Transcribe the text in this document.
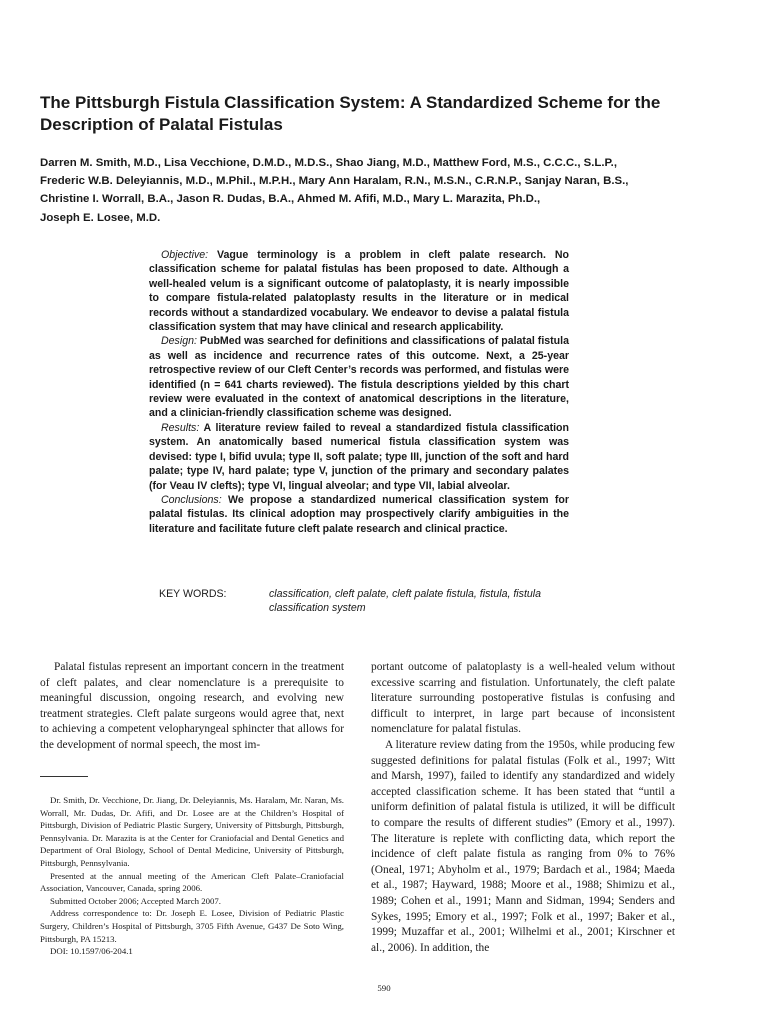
The Pittsburgh Fistula Classification System: A Standardized Scheme for the Description of Palatal Fistulas
Darren M. Smith, M.D., Lisa Vecchione, D.M.D., M.D.S., Shao Jiang, M.D., Matthew Ford, M.S., C.C.C., S.L.P.,
Frederic W.B. Deleyiannis, M.D., M.Phil., M.P.H., Mary Ann Haralam, R.N., M.S.N., C.R.N.P., Sanjay Naran, B.S.,
Christine I. Worrall, B.A., Jason R. Dudas, B.A., Ahmed M. Afifi, M.D., Mary L. Marazita, Ph.D.,
Joseph E. Losee, M.D.

Objective: Vague terminology is a problem in cleft palate research. No classification scheme for palatal fistulas has been proposed to date. Although a well-healed velum is a significant outcome of palatoplasty, it is nearly impossible to compare fistula-related palatoplasty results in the literature or in medical records without a standardized vocabulary. We endeavor to devise a palatal fistula classification system that may have clinical and research applicability.

Design: PubMed was searched for definitions and classifications of palatal fistula as well as incidence and recurrence rates of this outcome. Next, a 25-year retrospective review of our Cleft Center’s records was performed, and fistulas were identified (n = 641 charts reviewed). The fistula descriptions yielded by this chart review were evaluated in the context of anatomical descriptions in the literature, and a clinician-friendly classification scheme was designed.

Results: A literature review failed to reveal a standardized fistula classification system. An anatomically based numerical fistula classification system was devised: type I, bifid uvula; type II, soft palate; type III, junction of the soft and hard palate; type IV, hard palate; type V, junction of the primary and secondary palates (for Veau IV clefts); type VI, lingual alveolar; and type VII, labial alveolar.

Conclusions: We propose a standardized numerical classification system for palatal fistulas. Its clinical adoption may prospectively clarify ambiguities in the literature and facilitate future cleft palate research and clinical practice.

KEY WORDS:	classification, cleft palate, cleft palate fistula, fistula, fistula classification system

Palatal fistulas represent an important concern in the treatment of cleft palates, and clear nomenclature is a prerequisite to meaningful discussion, ongoing research, and evolving new treatment strategies. Cleft palate surgeons would agree that, next to achieving a competent velopharyngeal sphincter that allows for the development of normal speech, the most im-

Dr. Smith, Dr. Vecchione, Dr. Jiang, Dr. Deleyiannis, Ms. Haralam, Mr. Naran, Ms. Worrall, Mr. Dudas, Dr. Afifi, and Dr. Losee are at the Children’s Hospital of Pittsburgh, Division of Pediatric Plastic Surgery, University of Pittsburgh, Pittsburgh, Pennsylvania. Dr. Marazita is at the Center for Craniofacial and Dental Genetics and Department of Oral Biology, School of Dental Medicine, University of Pittsburgh, Pittsburgh, Pennsylvania.

Presented at the annual meeting of the American Cleft Palate–Craniofacial Association, Vancouver, Canada, spring 2006.

Submitted October 2006; Accepted March 2007.

Address correspondence to: Dr. Joseph E. Losee, Division of Pediatric Plastic Surgery, Children’s Hospital of Pittsburgh, 3705 Fifth Avenue, G437 De Soto Wing, Pittsburgh, PA 15213.

DOI: 10.1597/06-204.1

portant outcome of palatoplasty is a well-healed velum without excessive scarring and fistulation. Unfortunately, the cleft palate literature surrounding postoperative fistulas is confusing and difficult to interpret, in large part because of inconsistent nomenclature for palatal fistulas.

A literature review dating from the 1950s, while producing few suggested definitions for palatal fistulas (Folk et al., 1997; Witt and Marsh, 1997), failed to identify any standardized and widely accepted classification scheme. It has been stated that “until a uniform definition of palatal fistula is utilized, it will be difficult to compare the results of different studies” (Emory et al., 1997). The literature is replete with conflicting data, which report the incidence of cleft palate fistula as ranging from 0% to 76% (Oneal, 1971; Abyholm et al., 1979; Bardach et al., 1984; Maeda et al., 1987; Hayward, 1988; Moore et al., 1988; Shimizu et al., 1989; Cohen et al., 1991; Mann and Sidman, 1994; Senders and Sykes, 1995; Emory et al., 1997; Folk et al., 1997; Baker et al., 1999; Muzaffar et al., 2001; Wilhelmi et al., 2001; Kirschner et al., 2006). In addition, the

590
